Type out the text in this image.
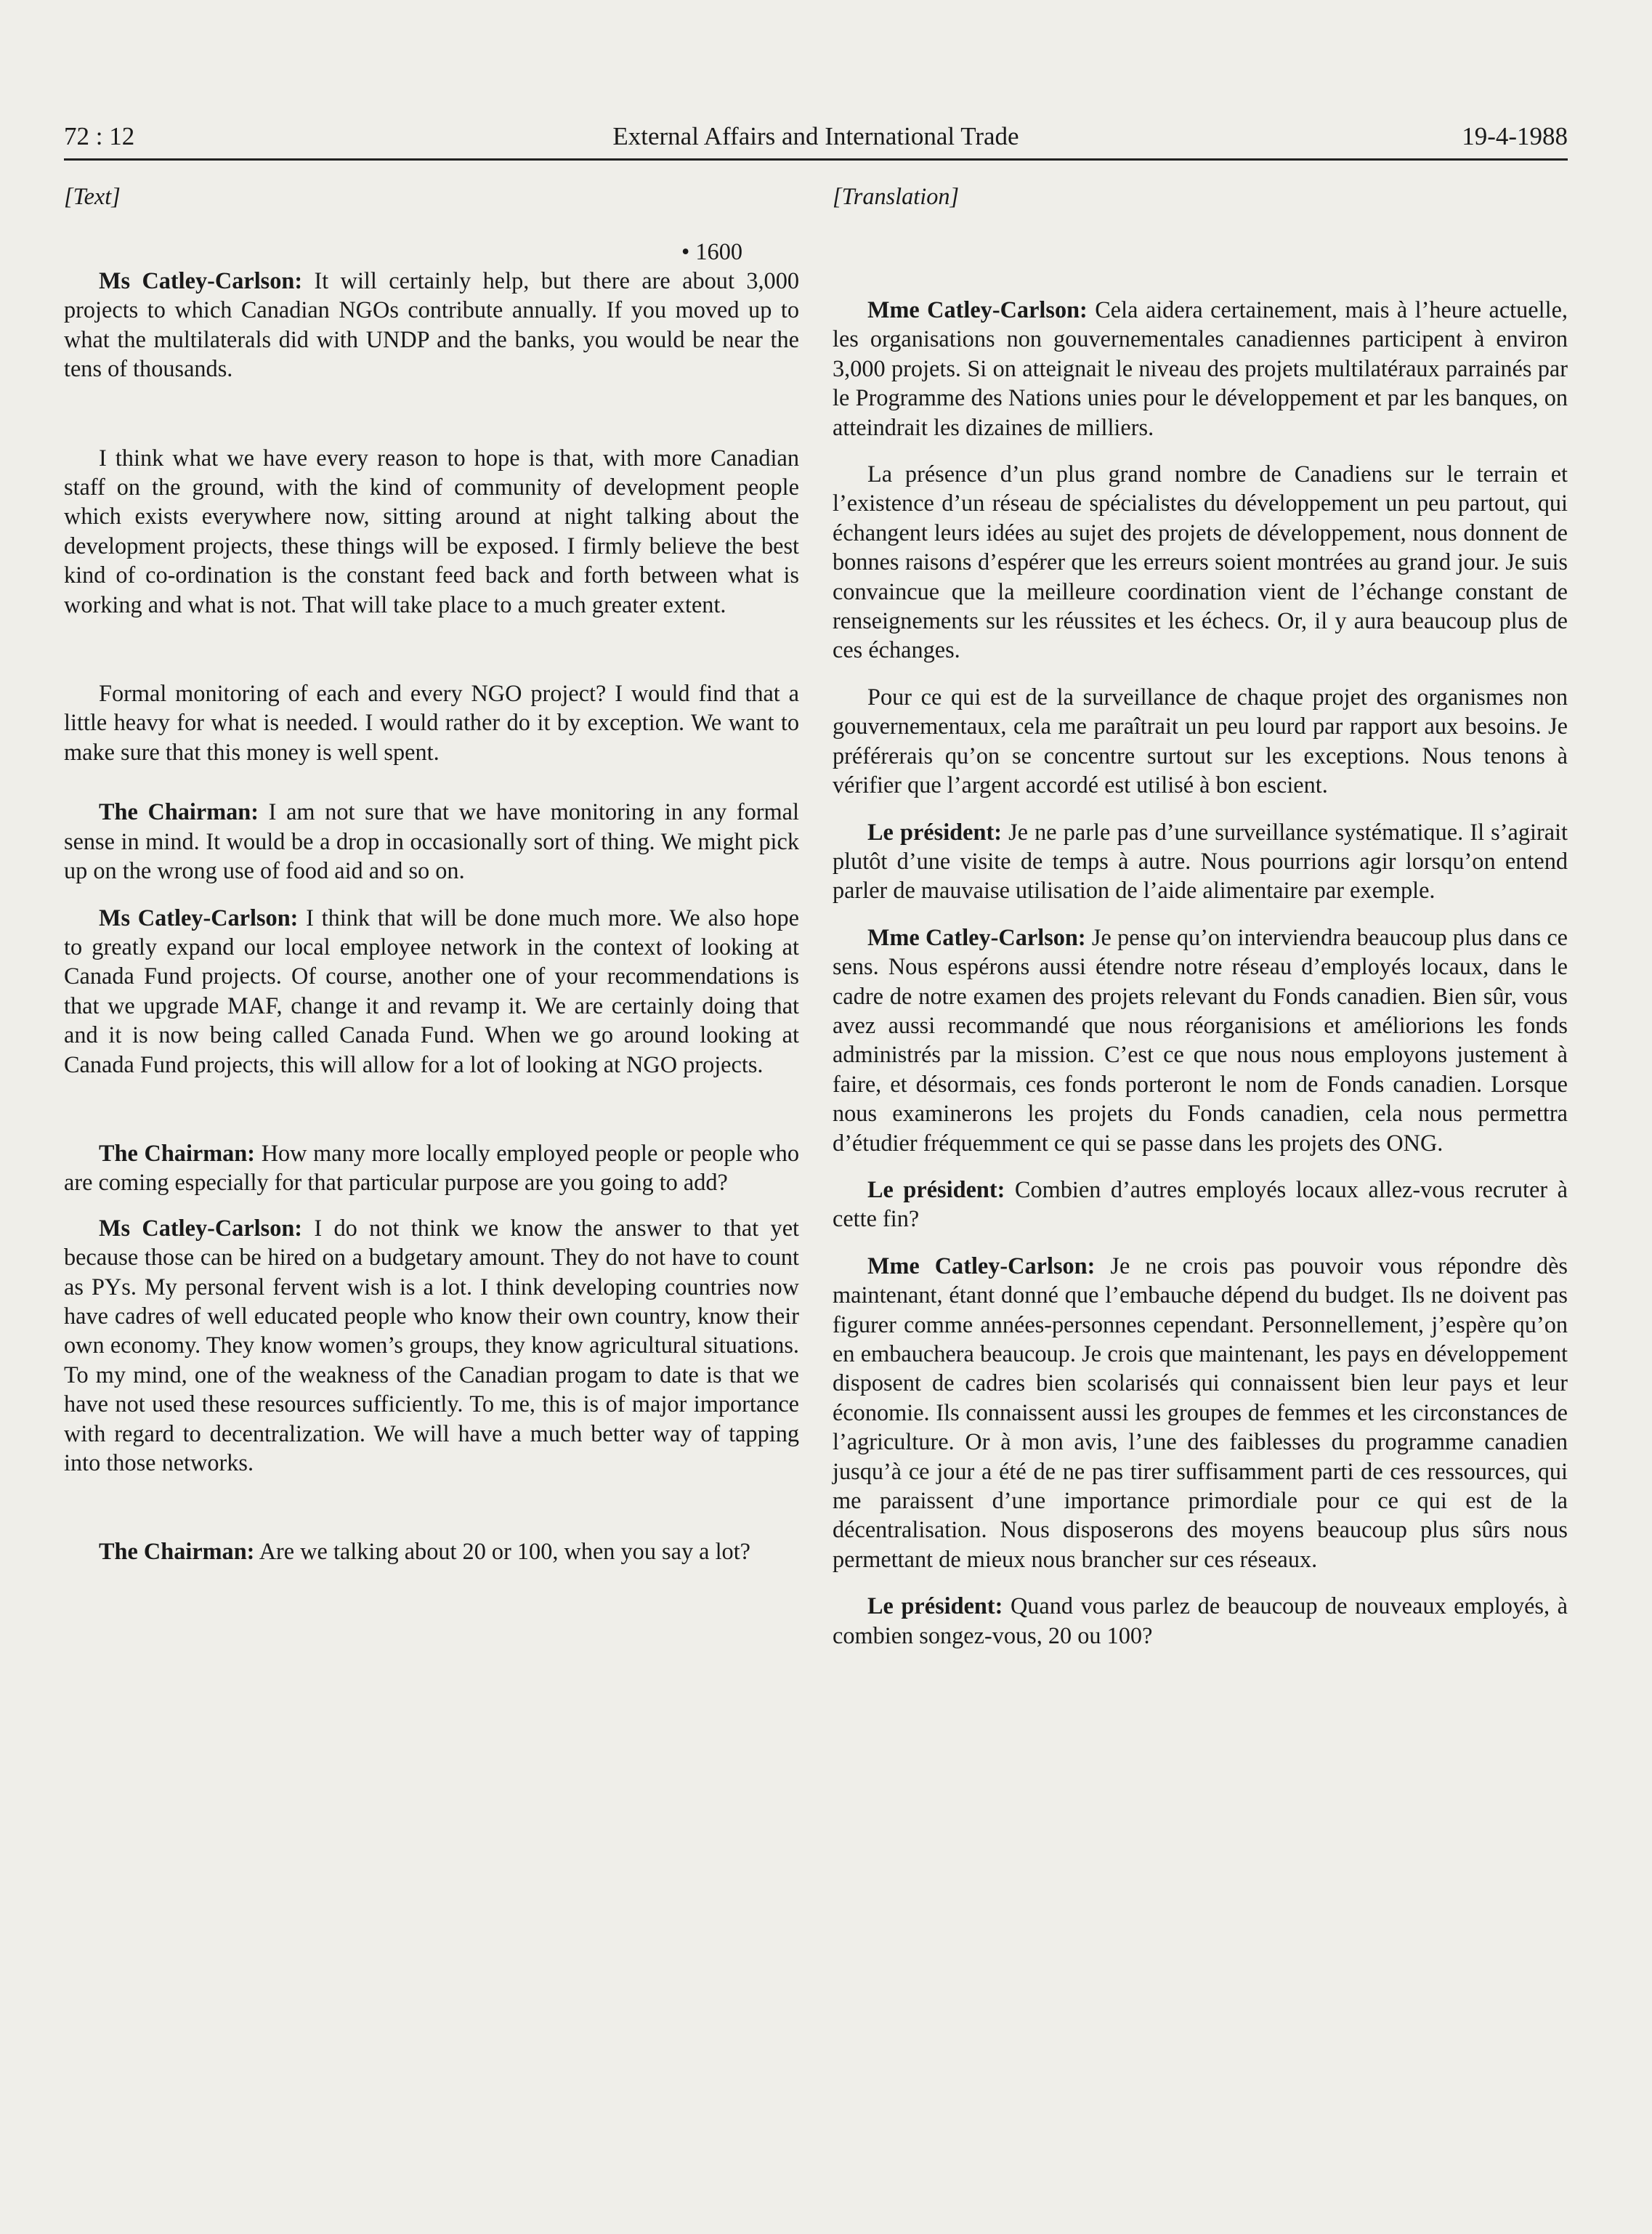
72 : 12	External Affairs and International Trade	19-4-1988
[Text]
• 1600

Ms Catley-Carlson: It will certainly help, but there are about 3,000 projects to which Canadian NGOs contribute annually. If you moved up to what the multilaterals did with UNDP and the banks, you would be near the tens of thousands.

I think what we have every reason to hope is that, with more Canadian staff on the ground, with the kind of community of development people which exists everywhere now, sitting around at night talking about the development projects, these things will be exposed. I firmly believe the best kind of co-ordination is the constant feed back and forth between what is working and what is not. That will take place to a much greater extent.

Formal monitoring of each and every NGO project? I would find that a little heavy for what is needed. I would rather do it by exception. We want to make sure that this money is well spent.

The Chairman: I am not sure that we have monitoring in any formal sense in mind. It would be a drop in occasionally sort of thing. We might pick up on the wrong use of food aid and so on.

Ms Catley-Carlson: I think that will be done much more. We also hope to greatly expand our local employee network in the context of looking at Canada Fund projects. Of course, another one of your recommendations is that we upgrade MAF, change it and revamp it. We are certainly doing that and it is now being called Canada Fund. When we go around looking at Canada Fund projects, this will allow for a lot of looking at NGO projects.

The Chairman: How many more locally employed people or people who are coming especially for that particular purpose are you going to add?

Ms Catley-Carlson: I do not think we know the answer to that yet because those can be hired on a budgetary amount. They do not have to count as PYs. My personal fervent wish is a lot. I think developing countries now have cadres of well educated people who know their own country, know their own economy. They know women’s groups, they know agricultural situations. To my mind, one of the weakness of the Canadian progam to date is that we have not used these resources sufficiently. To me, this is of major importance with regard to decentralization. We will have a much better way of tapping into those networks.

The Chairman: Are we talking about 20 or 100, when you say a lot?

[Translation]

Mme Catley-Carlson: Cela aidera certainement, mais à l’heure actuelle, les organisations non gouvernementales canadiennes participent à environ 3,000 projets. Si on atteignait le niveau des projets multilatéraux parrainés par le Programme des Nations unies pour le développement et par les banques, on atteindrait les dizaines de milliers.

La présence d’un plus grand nombre de Canadiens sur le terrain et l’existence d’un réseau de spécialistes du développement un peu partout, qui échangent leurs idées au sujet des projets de développement, nous donnent de bonnes raisons d’espérer que les erreurs soient montrées au grand jour. Je suis convaincue que la meilleure coordination vient de l’échange constant de renseignements sur les réussites et les échecs. Or, il y aura beaucoup plus de ces échanges.

Pour ce qui est de la surveillance de chaque projet des organismes non gouvernementaux, cela me paraîtrait un peu lourd par rapport aux besoins. Je préférerais qu’on se concentre surtout sur les exceptions. Nous tenons à vérifier que l’argent accordé est utilisé à bon escient.

Le président: Je ne parle pas d’une surveillance systématique. Il s’agirait plutôt d’une visite de temps à autre. Nous pourrions agir lorsqu’on entend parler de mauvaise utilisation de l’aide alimentaire par exemple.

Mme Catley-Carlson: Je pense qu’on interviendra beaucoup plus dans ce sens. Nous espérons aussi étendre notre réseau d’employés locaux, dans le cadre de notre examen des projets relevant du Fonds canadien. Bien sûr, vous avez aussi recommandé que nous réorganisions et améliorions les fonds administrés par la mission. C’est ce que nous nous employons justement à faire, et désormais, ces fonds porteront le nom de Fonds canadien. Lorsque nous examinerons les projets du Fonds canadien, cela nous permettra d’étudier fréquemment ce qui se passe dans les projets des ONG.

Le président: Combien d’autres employés locaux allez-vous recruter à cette fin?

Mme Catley-Carlson: Je ne crois pas pouvoir vous répondre dès maintenant, étant donné que l’embauche dépend du budget. Ils ne doivent pas figurer comme années-personnes cependant. Personnellement, j’espère qu’on en embauchera beaucoup. Je crois que maintenant, les pays en développement disposent de cadres bien scolarisés qui connaissent bien leur pays et leur économie. Ils connaissent aussi les groupes de femmes et les circonstances de l’agriculture. Or à mon avis, l’une des faiblesses du programme canadien jusqu’à ce jour a été de ne pas tirer suffisamment parti de ces ressources, qui me paraissent d’une importance primordiale pour ce qui est de la décentralisation. Nous disposerons des moyens beaucoup plus sûrs nous permettant de mieux nous brancher sur ces réseaux.

Le président: Quand vous parlez de beaucoup de nouveaux employés, à combien songez-vous, 20 ou 100?
